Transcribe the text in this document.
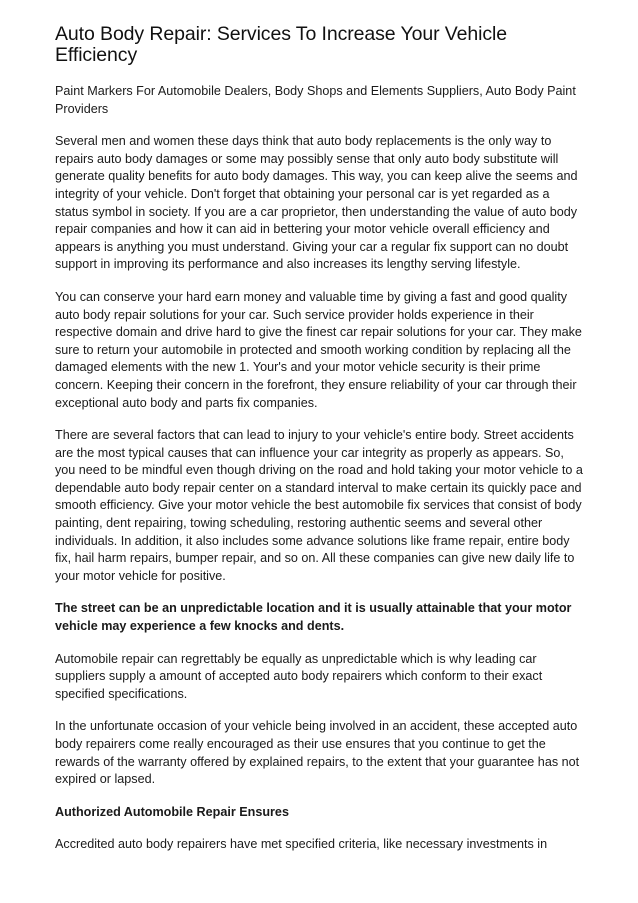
Auto Body Repair: Services To Increase Your Vehicle Efficiency

Paint Markers For Automobile Dealers, Body Shops and Elements Suppliers, Auto Body Paint Providers

Several men and women these days think that auto body replacements is the only way to repairs auto body damages or some may possibly sense that only auto body substitute will generate quality benefits for auto body damages. This way, you can keep alive the seems and integrity of your vehicle. Don't forget that obtaining your personal car is yet regarded as a status symbol in society. If you are a car proprietor, then understanding the value of auto body repair companies and how it can aid in bettering your motor vehicle overall efficiency and appears is anything you must understand. Giving your car a regular fix support can no doubt support in improving its performance and also increases its lengthy serving lifestyle.

You can conserve your hard earn money and valuable time by giving a fast and good quality auto body repair solutions for your car. Such service provider holds experience in their respective domain and drive hard to give the finest car repair solutions for your car. They make sure to return your automobile in protected and smooth working condition by replacing all the damaged elements with the new 1. Your's and your motor vehicle security is their prime concern. Keeping their concern in the forefront, they ensure reliability of your car through their exceptional auto body and parts fix companies.

There are several factors that can lead to injury to your vehicle's entire body. Street accidents are the most typical causes that can influence your car integrity as properly as appears. So, you need to be mindful even though driving on the road and hold taking your motor vehicle to a dependable auto body repair center on a standard interval to make certain its quickly pace and smooth efficiency. Give your motor vehicle the best automobile fix services that consist of body painting, dent repairing, towing scheduling, restoring authentic seems and several other individuals. In addition, it also includes some advance solutions like frame repair, entire body fix, hail harm repairs, bumper repair, and so on. All these companies can give new daily life to your motor vehicle for positive.

The street can be an unpredictable location and it is usually attainable that your motor vehicle may experience a few knocks and dents.

Automobile repair can regrettably be equally as unpredictable which is why leading car suppliers supply a amount of accepted auto body repairers which conform to their exact specified specifications.

In the unfortunate occasion of your vehicle being involved in an accident, these accepted auto body repairers come really encouraged as their use ensures that you continue to get the rewards of the warranty offered by explained repairs, to the extent that your guarantee has not expired or lapsed.

Authorized Automobile Repair Ensures

Accredited auto body repairers have met specified criteria, like necessary investments in
